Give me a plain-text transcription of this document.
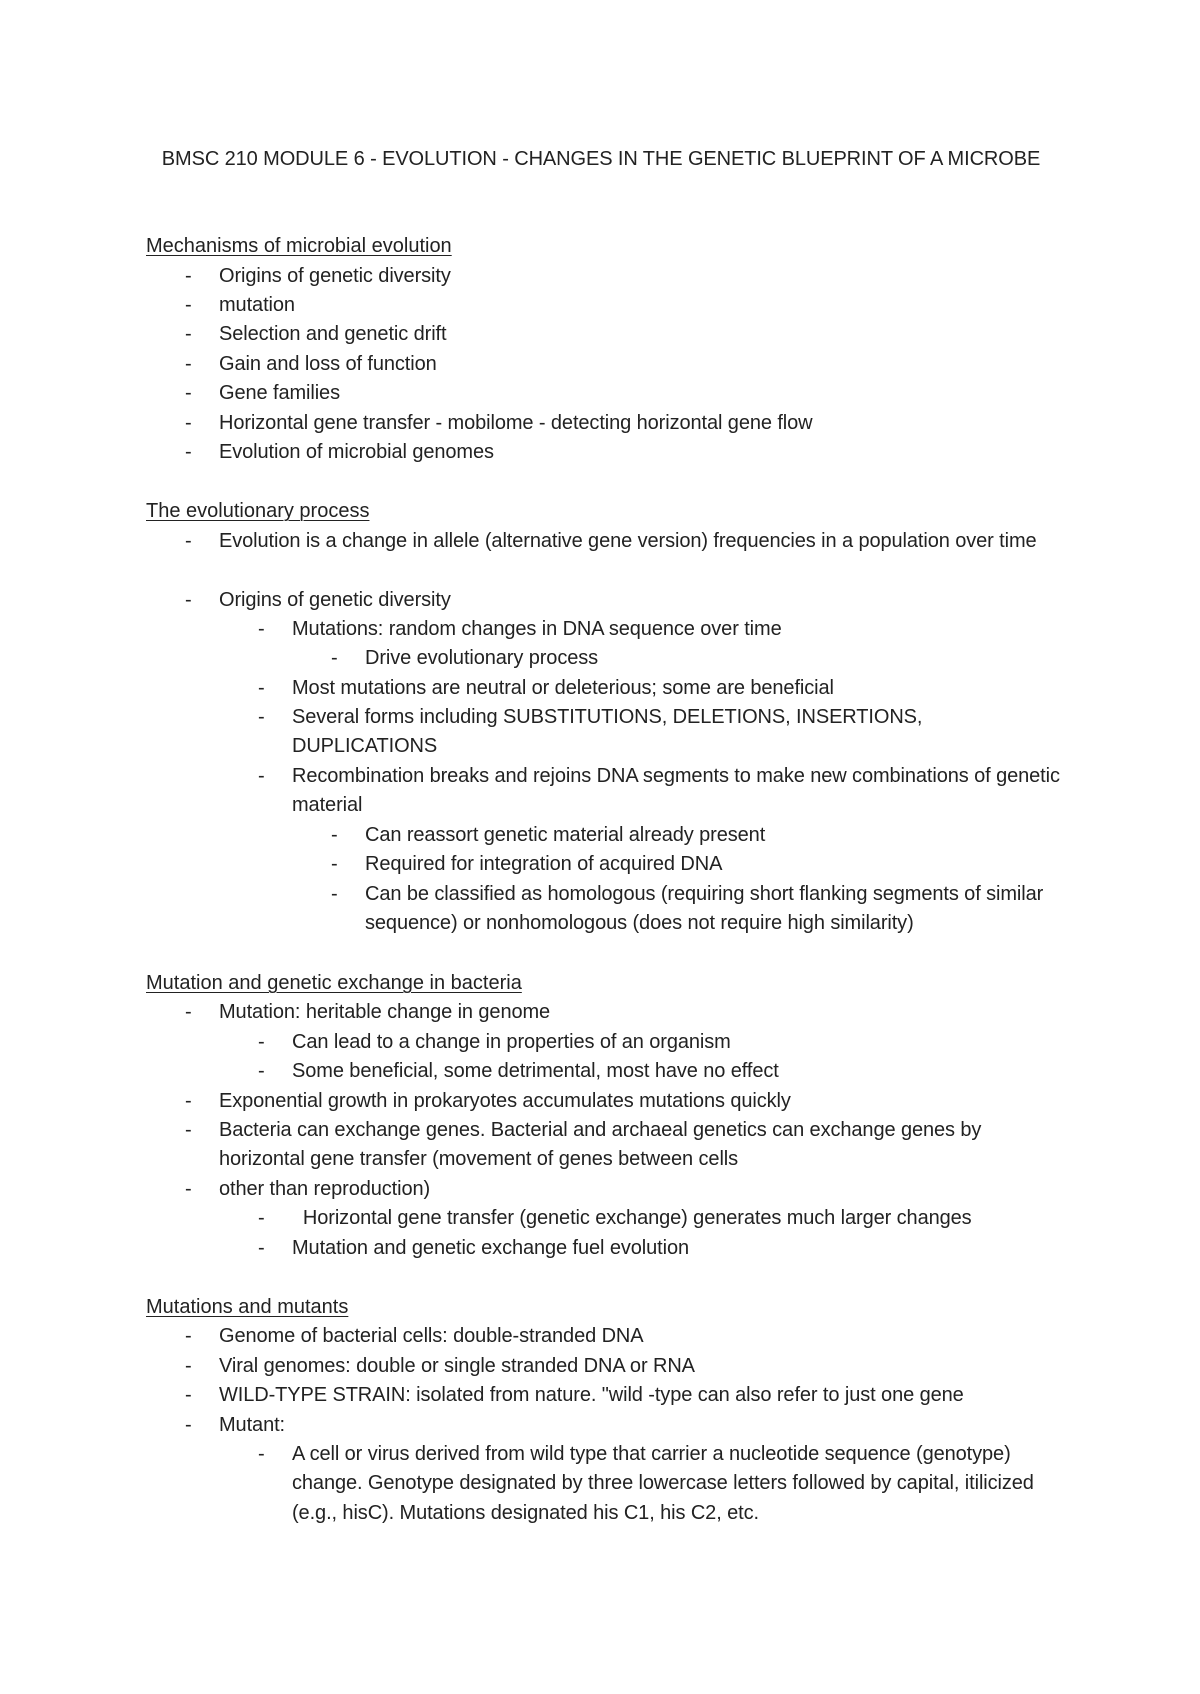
BMSC 210 MODULE 6 - EVOLUTION - CHANGES IN THE GENETIC BLUEPRINT OF A MICROBE
Mechanisms of microbial evolution
- Origins of genetic diversity
- mutation
- Selection and genetic drift
- Gain and loss of function
- Gene families
- Horizontal gene transfer - mobilome - detecting horizontal gene flow
- Evolution of microbial genomes
The evolutionary process
- Evolution is a change in allele (alternative gene version) frequencies in a population over time
- Origins of genetic diversity
- Mutations: random changes in DNA sequence over time
- Drive evolutionary process
- Most mutations are neutral or deleterious; some are beneficial
- Several forms including SUBSTITUTIONS, DELETIONS, INSERTIONS, DUPLICATIONS
- Recombination breaks and rejoins DNA segments to make new combinations of genetic material
- Can reassort genetic material already present
- Required for integration of acquired DNA
- Can be classified as homologous (requiring short flanking segments of similar sequence) or nonhomologous (does not require high similarity)
Mutation and genetic exchange in bacteria
- Mutation: heritable change in genome
- Can lead to a change in properties of an organism
- Some beneficial, some detrimental, most have no effect
- Exponential growth in prokaryotes accumulates mutations quickly
- Bacteria can exchange genes. Bacterial and archaeal genetics can exchange genes by horizontal gene transfer (movement of genes between cells
- other than reproduction)
- Horizontal gene transfer (genetic exchange) generates much larger changes
- Mutation and genetic exchange fuel evolution
Mutations and mutants
- Genome of bacterial cells: double-stranded DNA
- Viral genomes: double or single stranded DNA or RNA
- WILD-TYPE STRAIN: isolated from nature. "wild -type can also refer to just one gene
- Mutant:
- A cell or virus derived from wild type that carrier a nucleotide sequence (genotype) change. Genotype designated by three lowercase letters followed by capital, itilicized (e.g., hisC). Mutations designated his C1, his C2, etc.
